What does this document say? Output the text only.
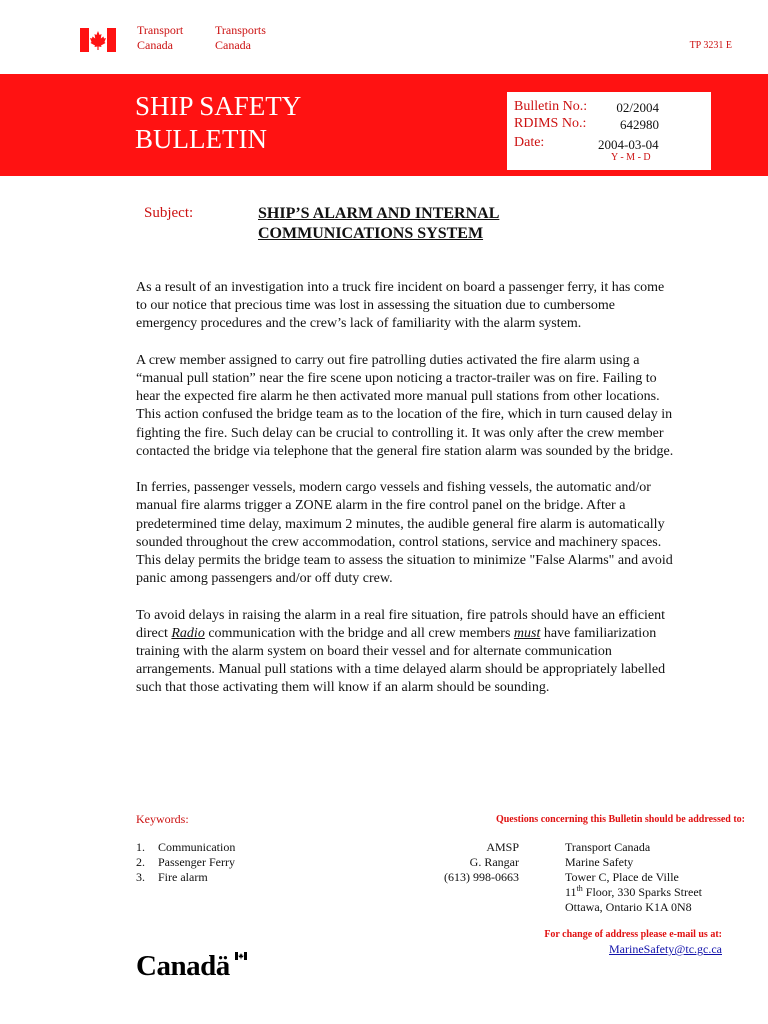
Transport
Canada
Transports
Canada	TP 3231 E
SHIP SAFETY
BULLETIN
Bulletin No.: 02/2004
RDIMS No.:	642980
Date:	2004-03-04
Y - M - D
Subject:	SHIP’S ALARM AND INTERNAL
COMMUNICATIONS SYSTEM

As a result of an investigation into a truck fire incident on board a passenger ferry, it has come to our notice that precious time was lost in assessing the situation due to cumbersome emergency procedures and the crew’s lack of familiarity with the alarm system.

A crew member assigned to carry out fire patrolling duties activated the fire alarm using a “manual pull station” near the fire scene upon noticing a tractor-trailer was on fire. Failing to hear the expected fire alarm he then activated more manual pull stations from other locations. This action confused the bridge team as to the location of the fire, which in turn caused delay in fighting the fire. Such delay can be crucial to controlling it. It was only after the crew member contacted the bridge via telephone that the general fire station alarm was sounded by the bridge.

In ferries, passenger vessels, modern cargo vessels and fishing vessels, the automatic and/or manual fire alarms trigger a ZONE alarm in the fire control panel on the bridge. After a predetermined time delay, maximum 2 minutes, the audible general fire alarm is automatically sounded throughout the crew accommodation, control stations, service and machinery spaces. This delay permits the bridge team to assess the situation to minimize "False Alarms" and avoid panic among passengers and/or off duty crew.

To avoid delays in raising the alarm in a real fire situation, fire patrols should have an efficient direct Radio communication with the bridge and all crew members must have familiarization training with the alarm system on board their vessel and for alternate communication arrangements. Manual pull stations with a time delayed alarm should be appropriately labelled such that those activating them will know if an alarm should be sounding.

Keywords:
1.	Communication
2.	Passenger Ferry
3.	Fire alarm
Questions concerning this Bulletin should be addressed to:
AMSP
G. Rangar
(613) 998-0663
Transport Canada
Marine Safety
Tower C, Place de Ville
11th Floor, 330 Sparks Street
Ottawa, Ontario K1A 0N8
For change of address please e-mail us at:
MarineSafety@tc.gc.ca
Canadä
